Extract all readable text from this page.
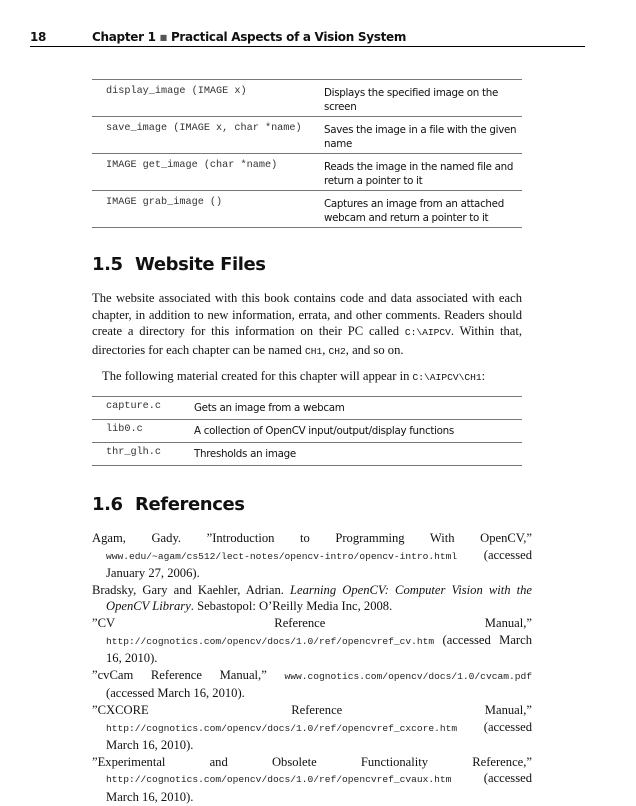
18	Chapter 1 ■ Practical Aspects of a Vision System
display_image (IMAGE x)	Displays the specified image on the screen
save_image (IMAGE x, char *name)	Saves the image in a file with the given name
IMAGE get_image (char *name)	Reads the image in the named file and return a pointer to it
IMAGE grab_image ()	Captures an image from an attached webcam and return a pointer to it
1.5 Website Files

The website associated with this book contains code and data associated with each chapter, in addition to new information, errata, and other comments. Readers should create a directory for this information on their PC called C:\AIPCV. Within that, directories for each chapter can be named CH1, CH2, and so on.

The following material created for this chapter will appear in C:\AIPCV\CH1:

capture.c	Gets an image from a webcam
lib0.c	A collection of OpenCV input/output/display functions
thr_glh.c	Thresholds an image
1.6 References

Agam, Gady. ”Introduction to Programming With OpenCV,” www.edu/~agam/cs512/lect-notes/opencv-intro/opencv-intro.html (accessed January 27, 2006).

Bradsky, Gary and Kaehler, Adrian. Learning OpenCV: Computer Vision with the OpenCV Library. Sebastopol: O’Reilly Media Inc, 2008.

”CV Reference Manual,” http://cognotics.com/opencv/docs/1.0/ref/opencvref_cv.htm (accessed March 16, 2010).

”cvCam Reference Manual,” www.cognotics.com/opencv/docs/1.0/cvcam.pdf (accessed March 16, 2010).

”CXCORE Reference Manual,” http://cognotics.com/opencv/docs/1.0/ref/opencvref_cxcore.htm (accessed March 16, 2010).

”Experimental and Obsolete Functionality Reference,” http://cognotics.com/opencv/docs/1.0/ref/opencvref_cvaux.htm (accessed March 16, 2010).
